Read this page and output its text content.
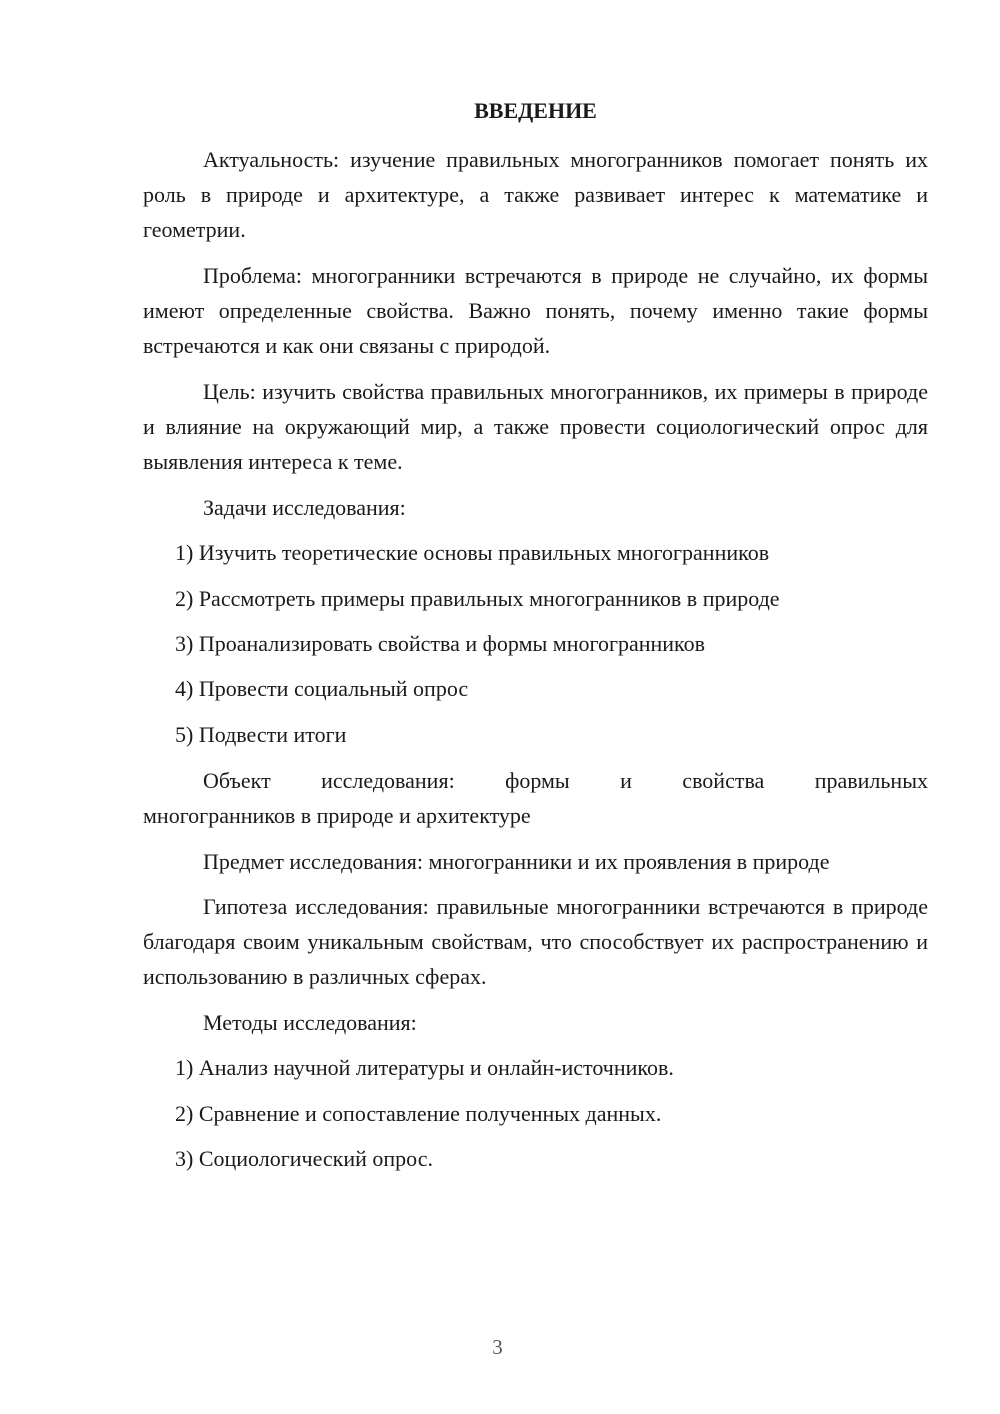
ВВЕДЕНИЕ

Актуальность: изучение правильных многогранников помогает понять их роль в природе и архитектуре, а также развивает интерес к математике и геометрии.

Проблема: многогранники встречаются в природе не случайно, их формы имеют определенные свойства. Важно понять, почему именно такие формы встречаются и как они связаны с природой.

Цель: изучить свойства правильных многогранников, их примеры в природе и влияние на окружающий мир, а также провести социологический опрос для выявления интереса к теме.

Задачи исследования:
1) Изучить теоретические основы правильных многогранников
2) Рассмотреть примеры правильных многогранников в природе
3) Проанализировать свойства и формы многогранников
4) Провести социальный опрос
5) Подвести итоги
Объект исследования: формы и свойства правильных
многогранников в природе и архитектуре
Предмет исследования: многогранники и их проявления в природе

Гипотеза исследования: правильные многогранники встречаются в природе благодаря своим уникальным свойствам, что способствует их распространению и использованию в различных сферах.

Методы исследования:
1) Анализ научной литературы и онлайн-источников.
2) Сравнение и сопоставление полученных данных.
3) Социологический опрос.
3
